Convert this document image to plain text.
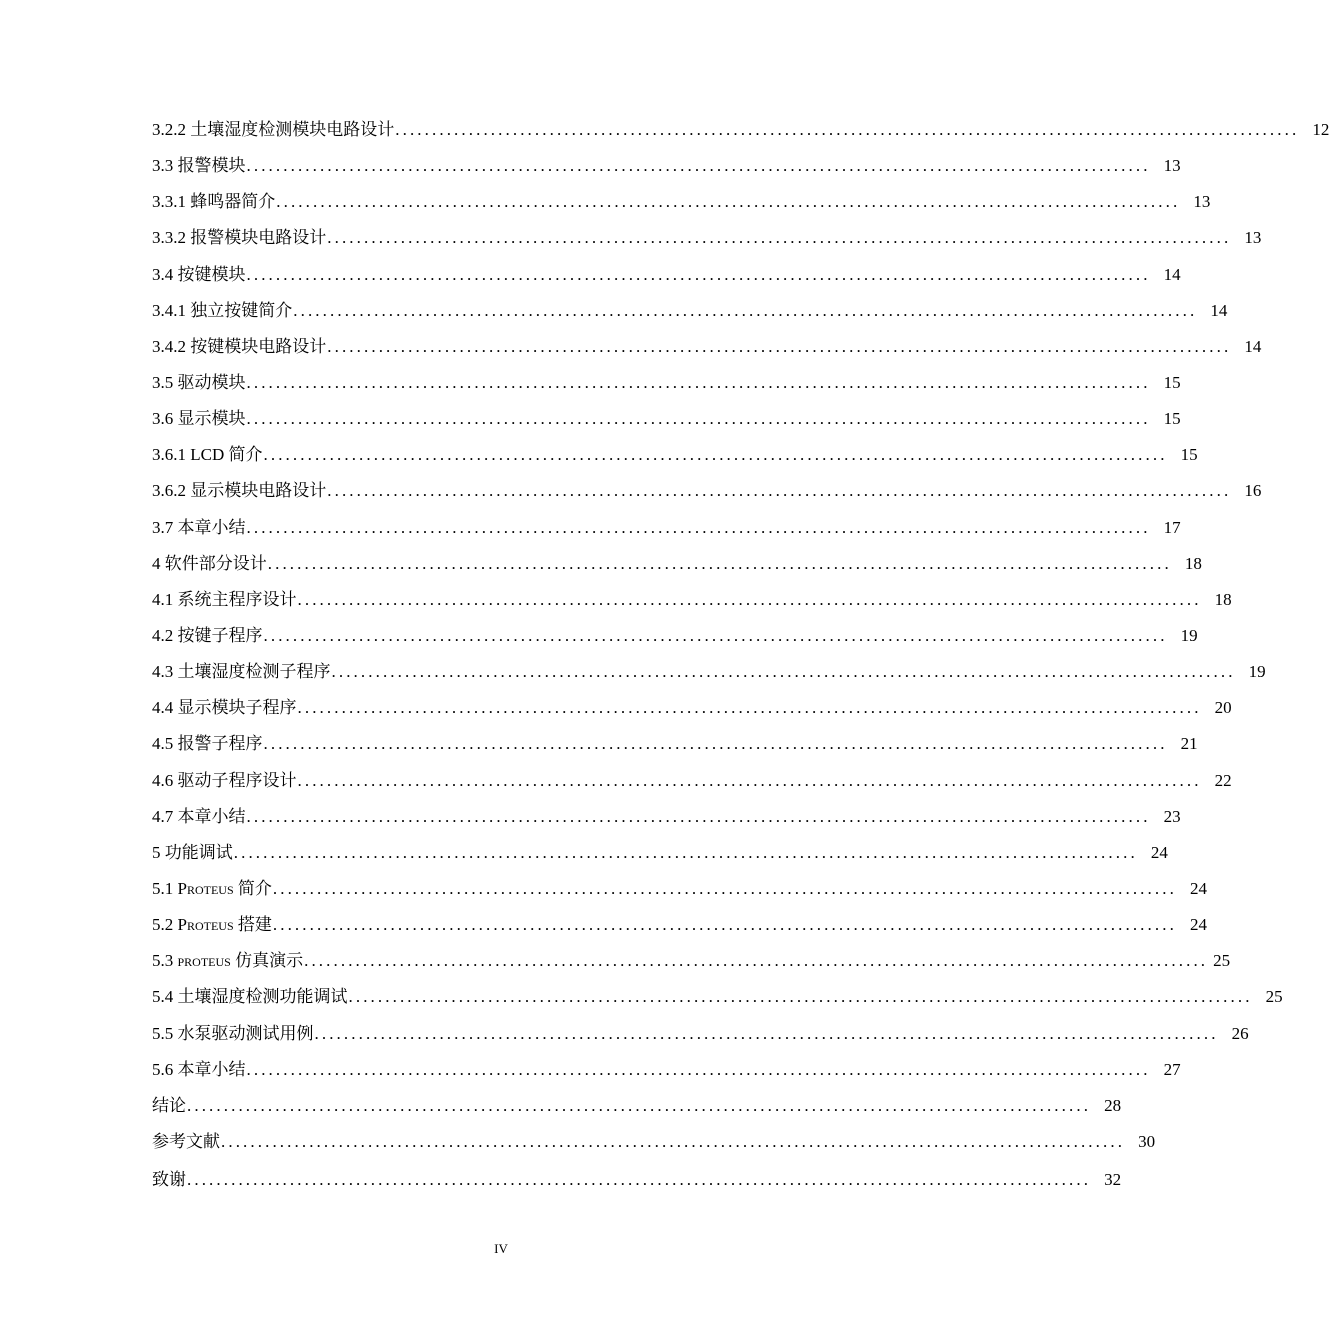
3.2.2 土壤湿度检测模块电路设计 ........................................................................................................................... 12
3.3 报警模块 ........................................................................................................................... 13
3.3.1 蜂鸣器简介 ........................................................................................................................... 13
3.3.2 报警模块电路设计 ........................................................................................................................... 13
3.4 按键模块 ........................................................................................................................... 14
3.4.1 独立按键简介 ........................................................................................................................... 14
3.4.2 按键模块电路设计 ........................................................................................................................... 14
3.5 驱动模块 ........................................................................................................................... 15
3.6 显示模块 ........................................................................................................................... 15
3.6.1 LCD 简介 ........................................................................................................................... 15
3.6.2 显示模块电路设计 ........................................................................................................................... 16
3.7 本章小结 ........................................................................................................................... 17
4 软件部分设计 ........................................................................................................................... 18
4.1 系统主程序设计 ........................................................................................................................... 18
4.2 按键子程序 ........................................................................................................................... 19
4.3 土壤湿度检测子程序 ........................................................................................................................... 19
4.4 显示模块子程序 ........................................................................................................................... 20
4.5 报警子程序 ........................................................................................................................... 21
4.6 驱动子程序设计 ........................................................................................................................... 22
4.7 本章小结 ........................................................................................................................... 23
5 功能调试 ........................................................................................................................... 24
5.1 Proteus 简介 ........................................................................................................................... 24
5.2 Proteus 搭建 ........................................................................................................................... 24
5.3 proteus 仿真演示 ........................................................................................................................... 25
5.4 土壤湿度检测功能调试 ........................................................................................................................... 25
5.5 水泵驱动测试用例 ........................................................................................................................... 26
5.6 本章小结 ........................................................................................................................... 27
结论 ........................................................................................................................... 28
参考文献 ........................................................................................................................... 30
致谢 ........................................................................................................................... 32
IV
